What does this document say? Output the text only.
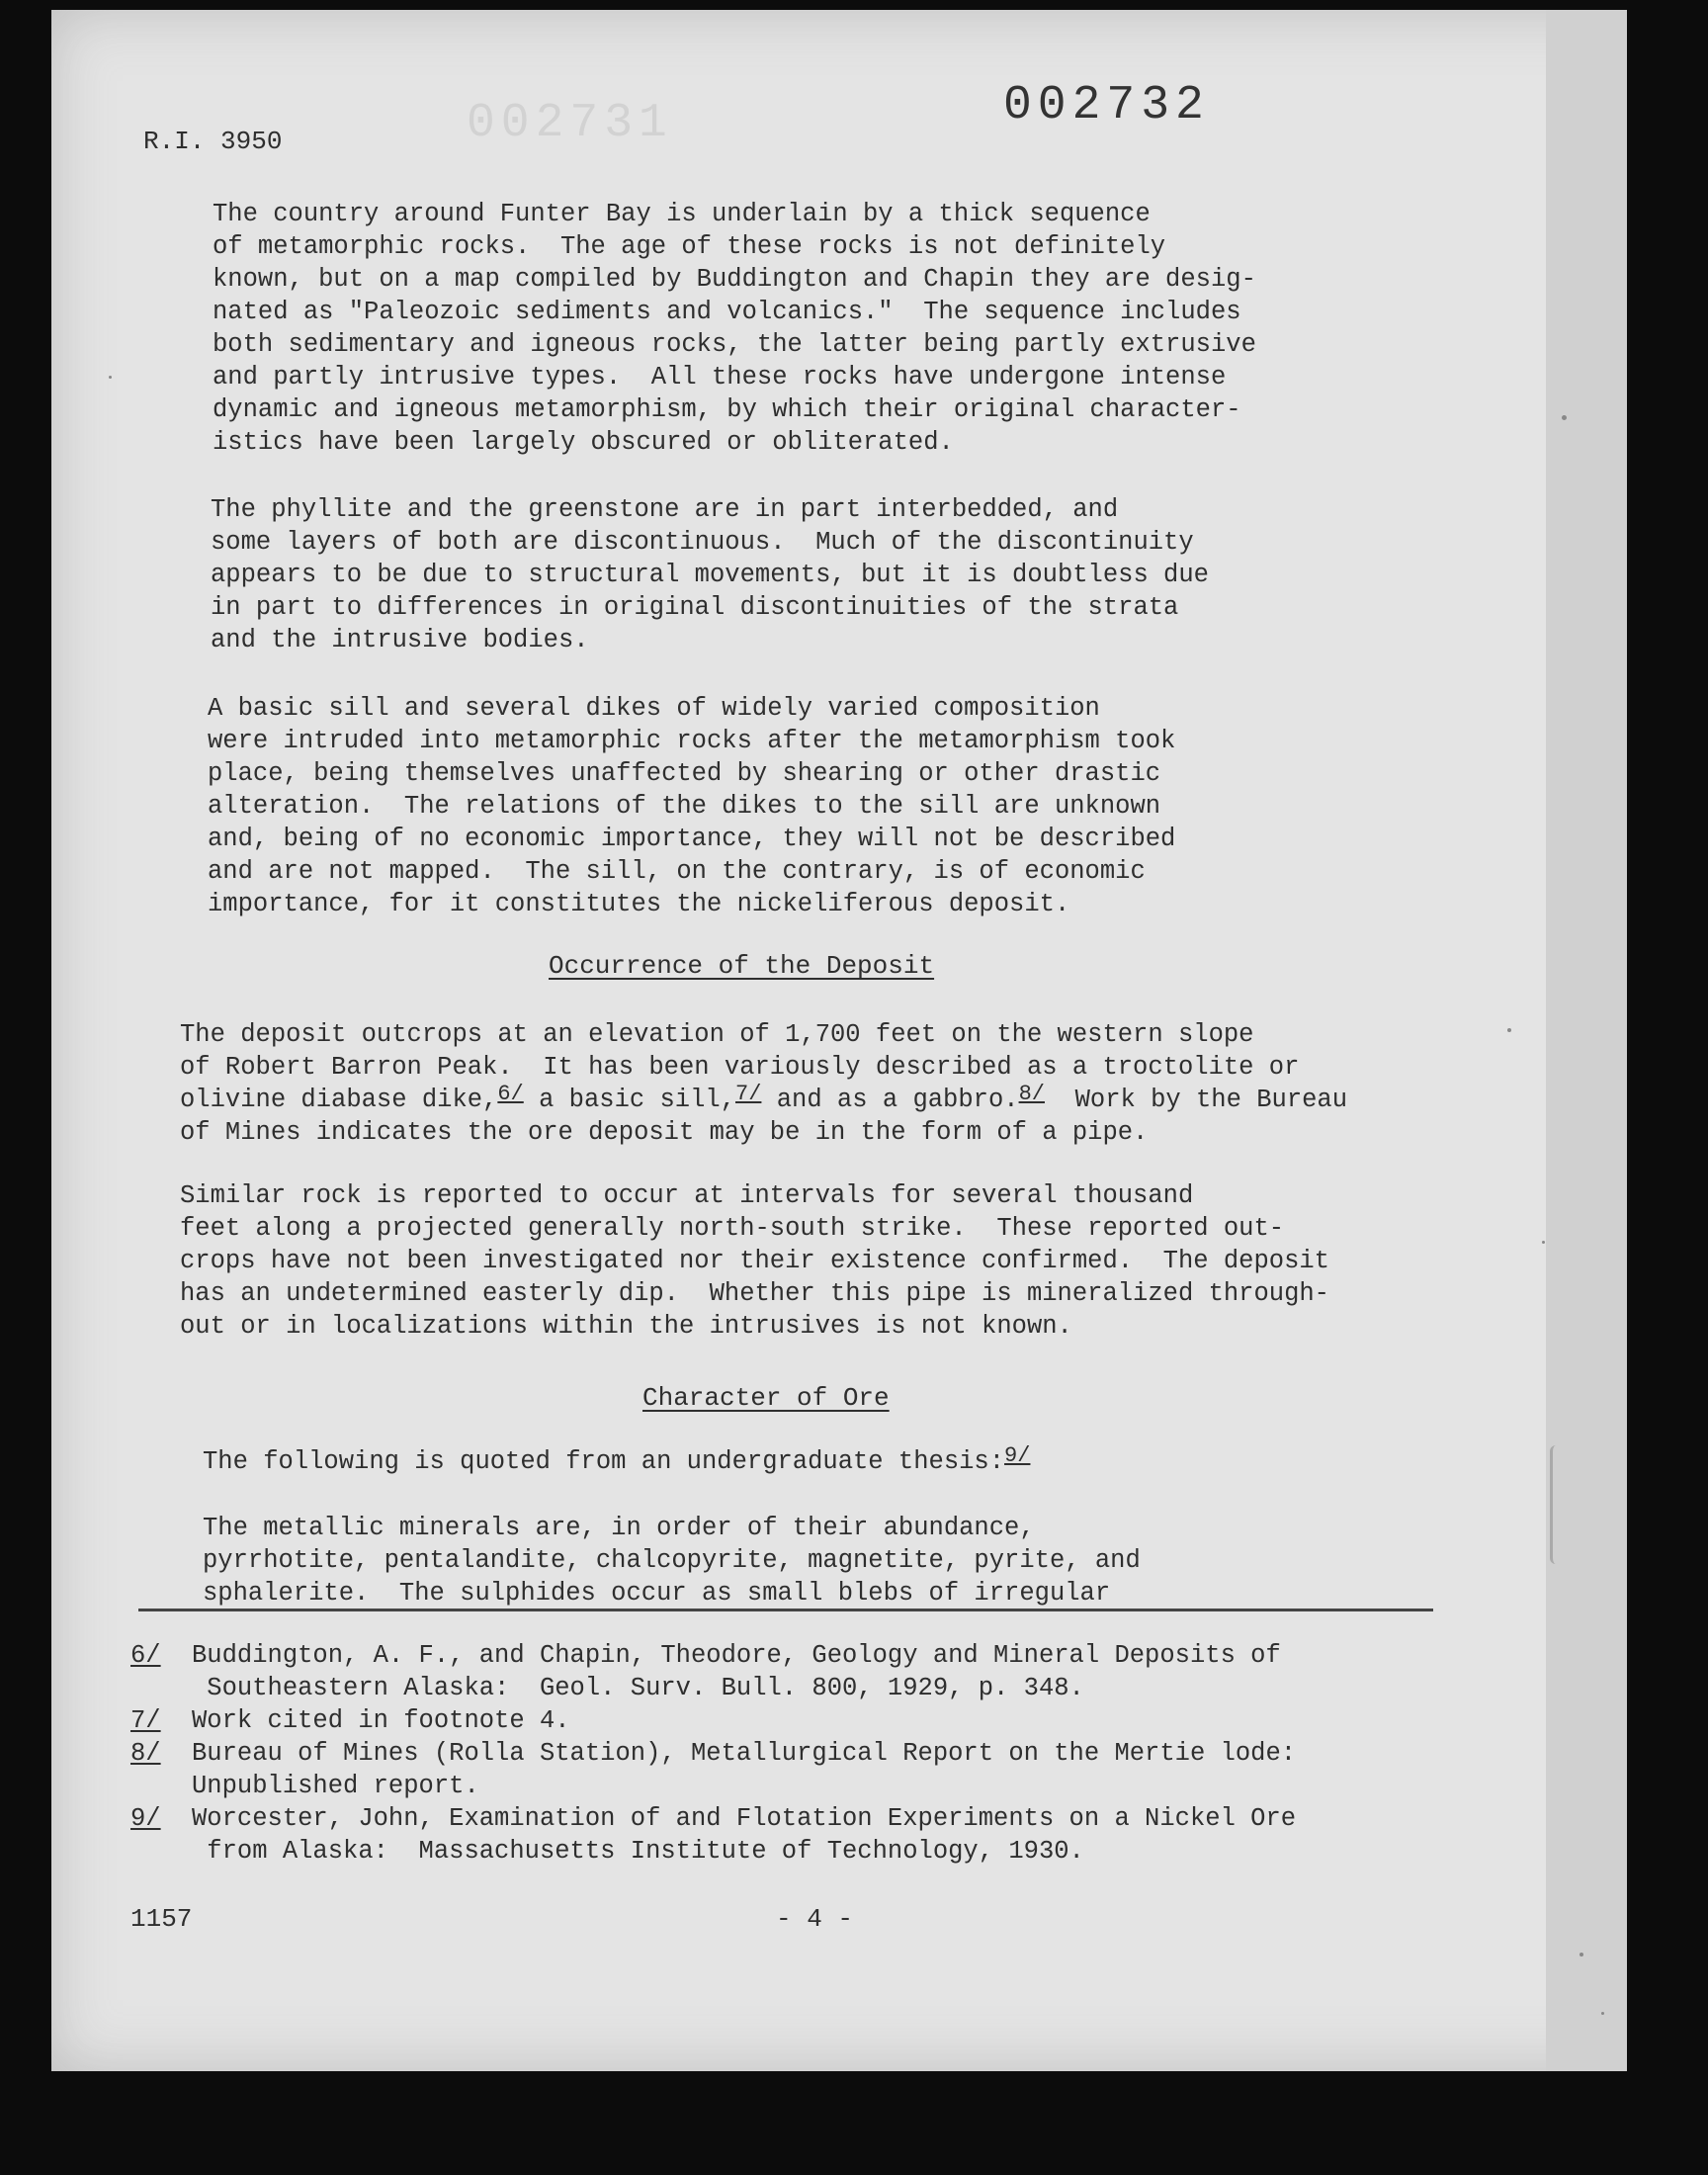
002731	002732
R.I. 3950

The country around Funter Bay is underlain by a thick sequence
of metamorphic rocks.  The age of these rocks is not definitely
known, but on a map compiled by Buddington and Chapin they are desig-
nated as "Paleozoic sediments and volcanics."  The sequence includes
both sedimentary and igneous rocks, the latter being partly extrusive
and partly intrusive types.  All these rocks have undergone intense
dynamic and igneous metamorphism, by which their original character-
istics have been largely obscured or obliterated.

The phyllite and the greenstone are in part interbedded, and
some layers of both are discontinuous.  Much of the discontinuity
appears to be due to structural movements, but it is doubtless due
in part to differences in original discontinuities of the strata
and the intrusive bodies.

A basic sill and several dikes of widely varied composition
were intruded into metamorphic rocks after the metamorphism took
place, being themselves unaffected by shearing or other drastic
alteration.  The relations of the dikes to the sill are unknown
and, being of no economic importance, they will not be described
and are not mapped.  The sill, on the contrary, is of economic
importance, for it constitutes the nickeliferous deposit.

Occurrence of the Deposit
The deposit outcrops at an elevation of 1,700 feet on the western slope
of Robert Barron Peak.  It has been variously described as a troctolite or
olivine diabase dike,$^{6/}$ a basic sill,$^{7/}$ and as a gabbro.$^{8/}$  Work by the Bureau
of Mines indicates the ore deposit may be in the form of a pipe.

Similar rock is reported to occur at intervals for several thousand
feet along a projected generally north-south strike.  These reported out-
crops have not been investigated nor their existence confirmed.  The deposit
has an undetermined easterly dip.  Whether this pipe is mineralized through-
out or in localizations within the intrusives is not known.

Character of Ore
The following is quoted from an undergraduate thesis:$^{9/}$

The metallic minerals are, in order of their abundance,
pyrrhotite, pentalandite, chalcopyrite, magnetite, pyrite, and
sphalerite.  The sulphides occur as small blebs of irregular

6/	Buddington, A. F., and Chapin, Theodore, Geology and Mineral Deposits of
Southeastern Alaska:  Geol. Surv. Bull. 800, 1929, p. 348.
7/	Work cited in footnote 4.
8/	Bureau of Mines (Rolla Station), Metallurgical Report on the Mertie lode:
Unpublished report.
9/	Worcester, John, Examination of and Flotation Experiments on a Nickel Ore
from Alaska:  Massachusetts Institute of Technology, 1930.
1157	- 4 -
